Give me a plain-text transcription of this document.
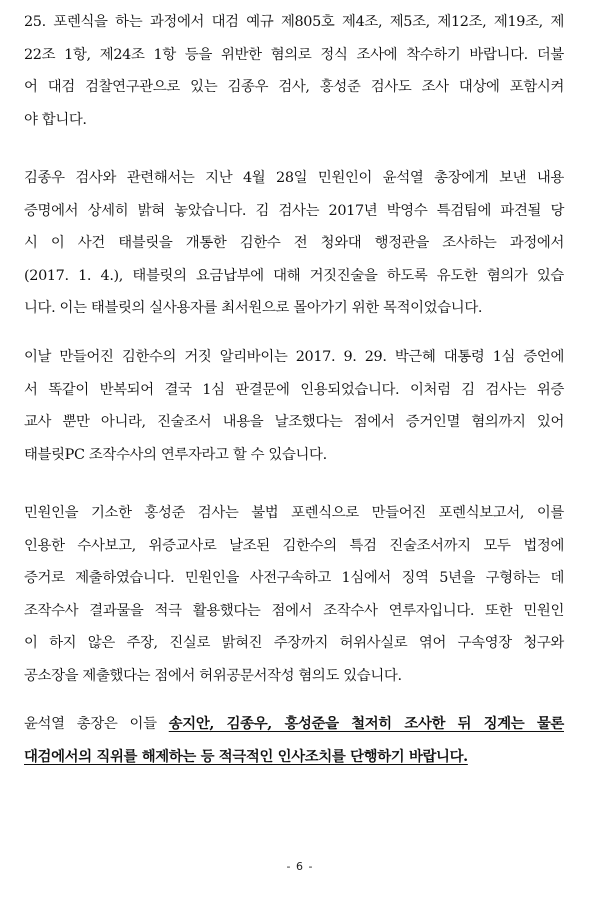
25. 포렌식을 하는 과정에서 대검 예규 제805호 제4조, 제5조, 제12조, 제19조, 제
22조 1항, 제24조 1항 등을 위반한 혐의로 정식 조사에 착수하기 바랍니다. 더불
어 대검 검찰연구관으로 있는 김종우 검사, 홍성준 검사도 조사 대상에 포함시켜
야 합니다.

김종우 검사와 관련해서는 지난 4월 28일 민원인이 윤석열 총장에게 보낸 내용
증명에서 상세히 밝혀 놓았습니다. 김 검사는 2017년 박영수 특검팀에 파견될 당
시 이 사건 태블릿을 개통한 김한수 전 청와대 행정관을 조사하는 과정에서
(2017. 1. 4.), 태블릿의 요금납부에 대해 거짓진술을 하도록 유도한 혐의가 있습
니다. 이는 태블릿의 실사용자를 최서원으로 몰아가기 위한 목적이었습니다.

이날 만들어진 김한수의 거짓 알리바이는 2017. 9. 29. 박근혜 대통령 1심 증언에
서 똑같이 반복되어 결국 1심 판결문에 인용되었습니다. 이처럼 김 검사는 위증
교사 뿐만 아니라, 진술조서 내용을 날조했다는 점에서 증거인멸 혐의까지 있어
태블릿PC 조작수사의 연루자라고 할 수 있습니다.

민원인을 기소한 홍성준 검사는 불법 포렌식으로 만들어진 포렌식보고서, 이를
인용한 수사보고, 위증교사로 날조된 김한수의 특검 진술조서까지 모두 법정에
증거로 제출하였습니다. 민원인을 사전구속하고 1심에서 징역 5년을 구형하는 데
조작수사 결과물을 적극 활용했다는 점에서 조작수사 연루자입니다. 또한 민원인
이 하지 않은 주장, 진실로 밝혀진 주장까지 허위사실로 엮어 구속영장 청구와
공소장을 제출했다는 점에서 허위공문서작성 혐의도 있습니다.

윤석열 총장은 이들 송지안, 김종우, 홍성준을 철저히 조사한 뒤 징계는 물론
대검에서의 직위를 해제하는 등 적극적인 인사조치를 단행하기 바랍니다.

- 6 -
